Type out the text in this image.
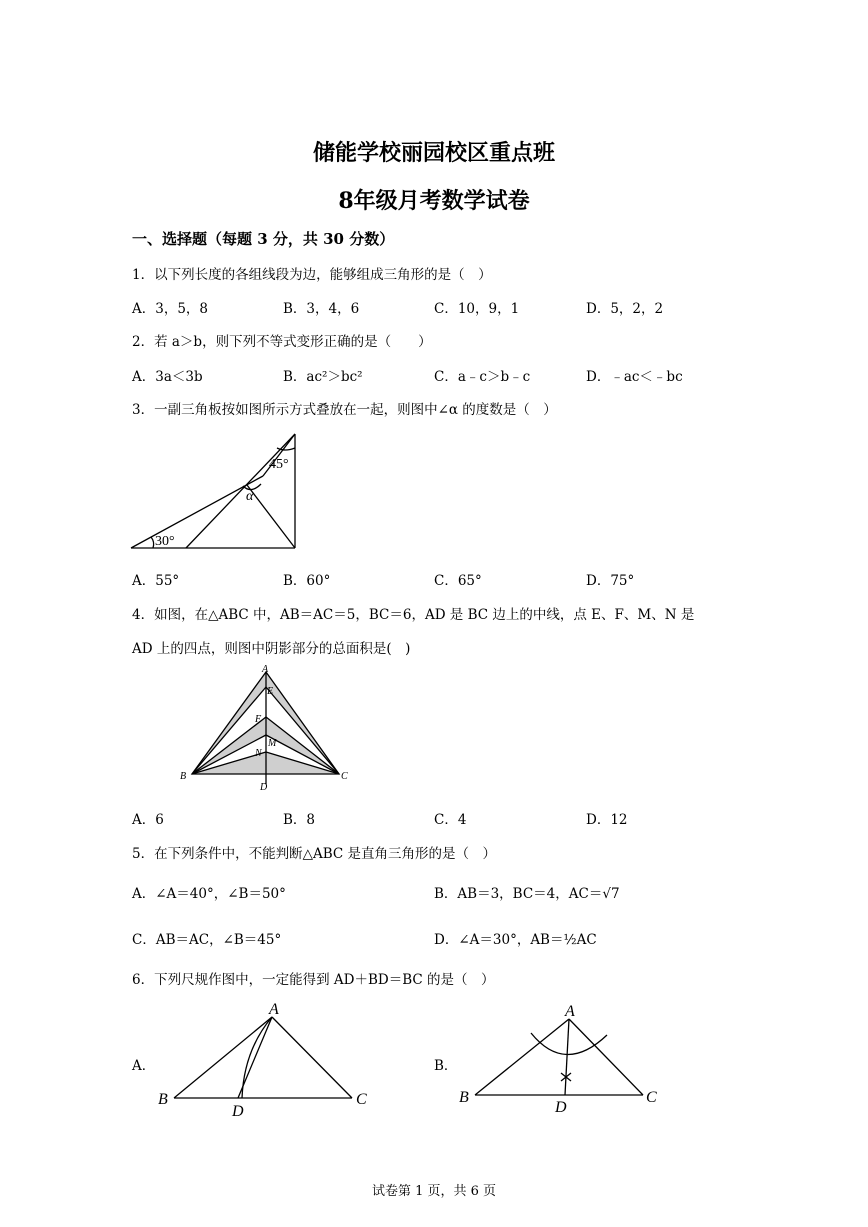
储能学校丽园校区重点班
8年级月考数学试卷
一、选择题（每题 3 分，共 30 分数）
1．以下列长度的各组线段为边，能够组成三角形的是（　）
A．3，5，8	B．3，4，6	C．10，9，1	D．5，2，2
2．若 a＞b，则下列不等式变形正确的是（　　）
A．3a＜3b	B．ac²＞bc²	C．a﹣c＞b﹣c	D．﹣ac＜﹣bc
3．一副三角板按如图所示方式叠放在一起，则图中∠α 的度数是（　）
45°
α
30°
A．55°	B．60°	C．65°	D．75°
4．如图，在△ABC 中，AB＝AC＝5，BC＝6，AD 是 BC 边上的中线，点 E、F、M、N 是
AD 上的四点，则图中阴影部分的总面积是(　)
A
E
F
M
N
B	C
D
A．6	B．8	C．4	D．12
5．在下列条件中，不能判断△ABC 是直角三角形的是（　）
A．∠A＝40°，∠B＝50°	B．AB＝3，BC＝4，AC＝√7
C．AB＝AC，∠B＝45°	D．∠A＝30°，AB＝½AC
6．下列尺规作图中，一定能得到 AD＋BD＝BC 的是（　）
A．
A
B	C
D
B．
A
B	C
D
试卷第 1 页，共 6 页
